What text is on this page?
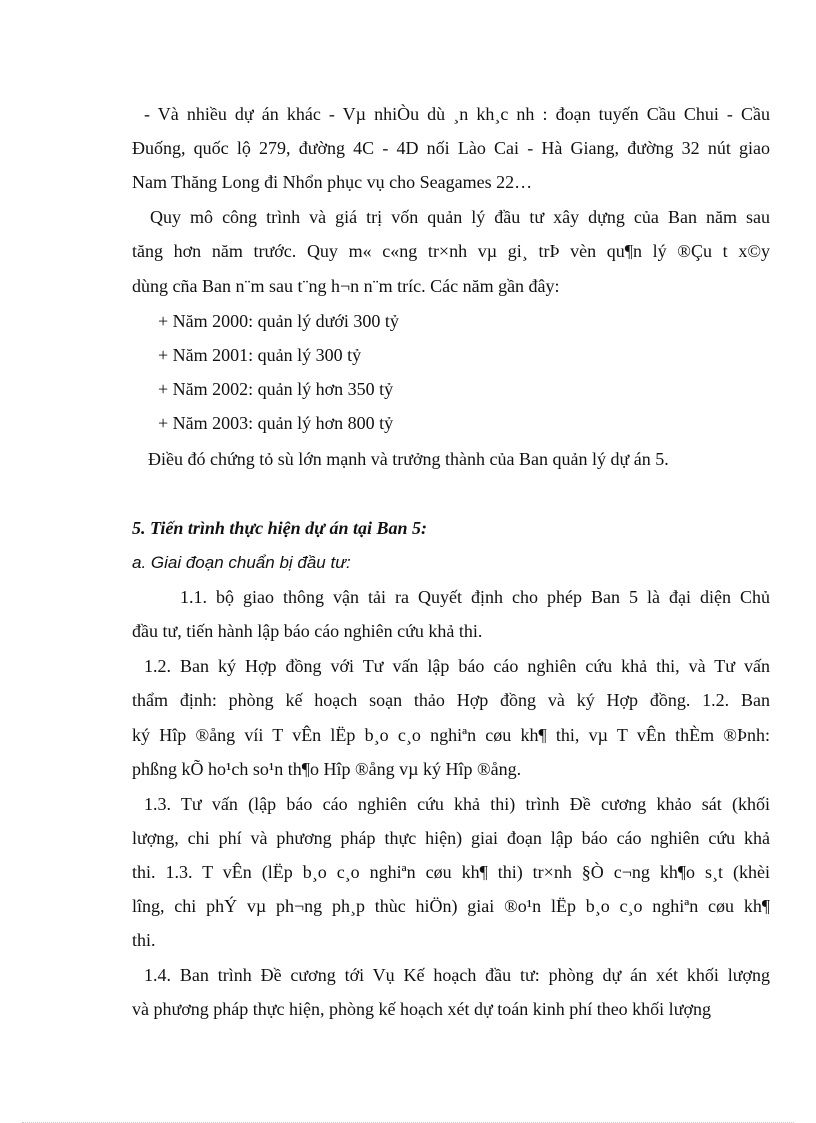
- Và nhiều dự án khác - Vµ nhiÒu dù ¸n kh¸c nh : đoạn tuyến Cầu Chui - Cầu
Đuống, quốc lộ 279, đường 4C - 4D nối Lào Cai - Hà Giang, đường 32 nút giao
Nam Thăng Long đi Nhổn phục vụ cho Seagames 22…
Quy mô công trình và giá trị vốn quản lý đầu tư xây dựng của Ban năm sau
tăng hơn năm trước. Quy m« c«ng tr×nh vµ gi¸ trÞ vèn qu¶n lý ®Çu t x©y
dùng cña Ban n¨m sau t¨ng h¬n n¨m tríc. Các năm gần đây:
+ Năm 2000: quản lý dưới 300 tỷ
+ Năm 2001: quản lý 300 tỷ
+ Năm 2002: quản lý hơn 350 tỷ
+ Năm 2003: quản lý hơn 800 tỷ
Điều đó chứng tỏ sù lớn mạnh và trưởng thành của Ban quản lý dự án 5.
5. Tiến trình thực hiện dự án tại Ban 5:
a. Giai đoạn chuẩn bị đầu tư:
1.1. bộ giao thông vận tải ra Quyết định cho phép Ban 5 là đại diện Chủ
đầu tư, tiến hành lập báo cáo nghiên cứu khả thi.
1.2. Ban ký Hợp đồng với Tư vấn lập báo cáo nghiên cứu khả thi, và Tư vấn
thẩm định: phòng kế hoạch soạn thảo Hợp đồng và ký Hợp đồng. 1.2. Ban
ký Hîp ®ång víi T vÊn lËp b¸o c¸o nghiªn cøu kh¶ thi, vµ T vÊn thÈm ®Þnh:
phßng kÕ ho¹ch so¹n th¶o Hîp ®ång vµ ký Hîp ®ång.
1.3. Tư vấn (lập báo cáo nghiên cứu khả thi) trình Đề cương khảo sát (khối
lượng, chi phí và phương pháp thực hiện) giai đoạn lập báo cáo nghiên cứu khả
thi. 1.3. T vÊn (lËp b¸o c¸o nghiªn cøu kh¶ thi) tr×nh §Ò c¬ng kh¶o s¸t (khèi
lîng, chi phÝ vµ ph¬ng ph¸p thùc hiÖn) giai ®o¹n lËp b¸o c¸o nghiªn cøu kh¶
thi.
1.4. Ban trình Đề cương tới Vụ Kế hoạch đầu tư: phòng dự án xét khối lượng
và phương pháp thực hiện, phòng kế hoạch xét dự toán kinh phí theo khối lượng
